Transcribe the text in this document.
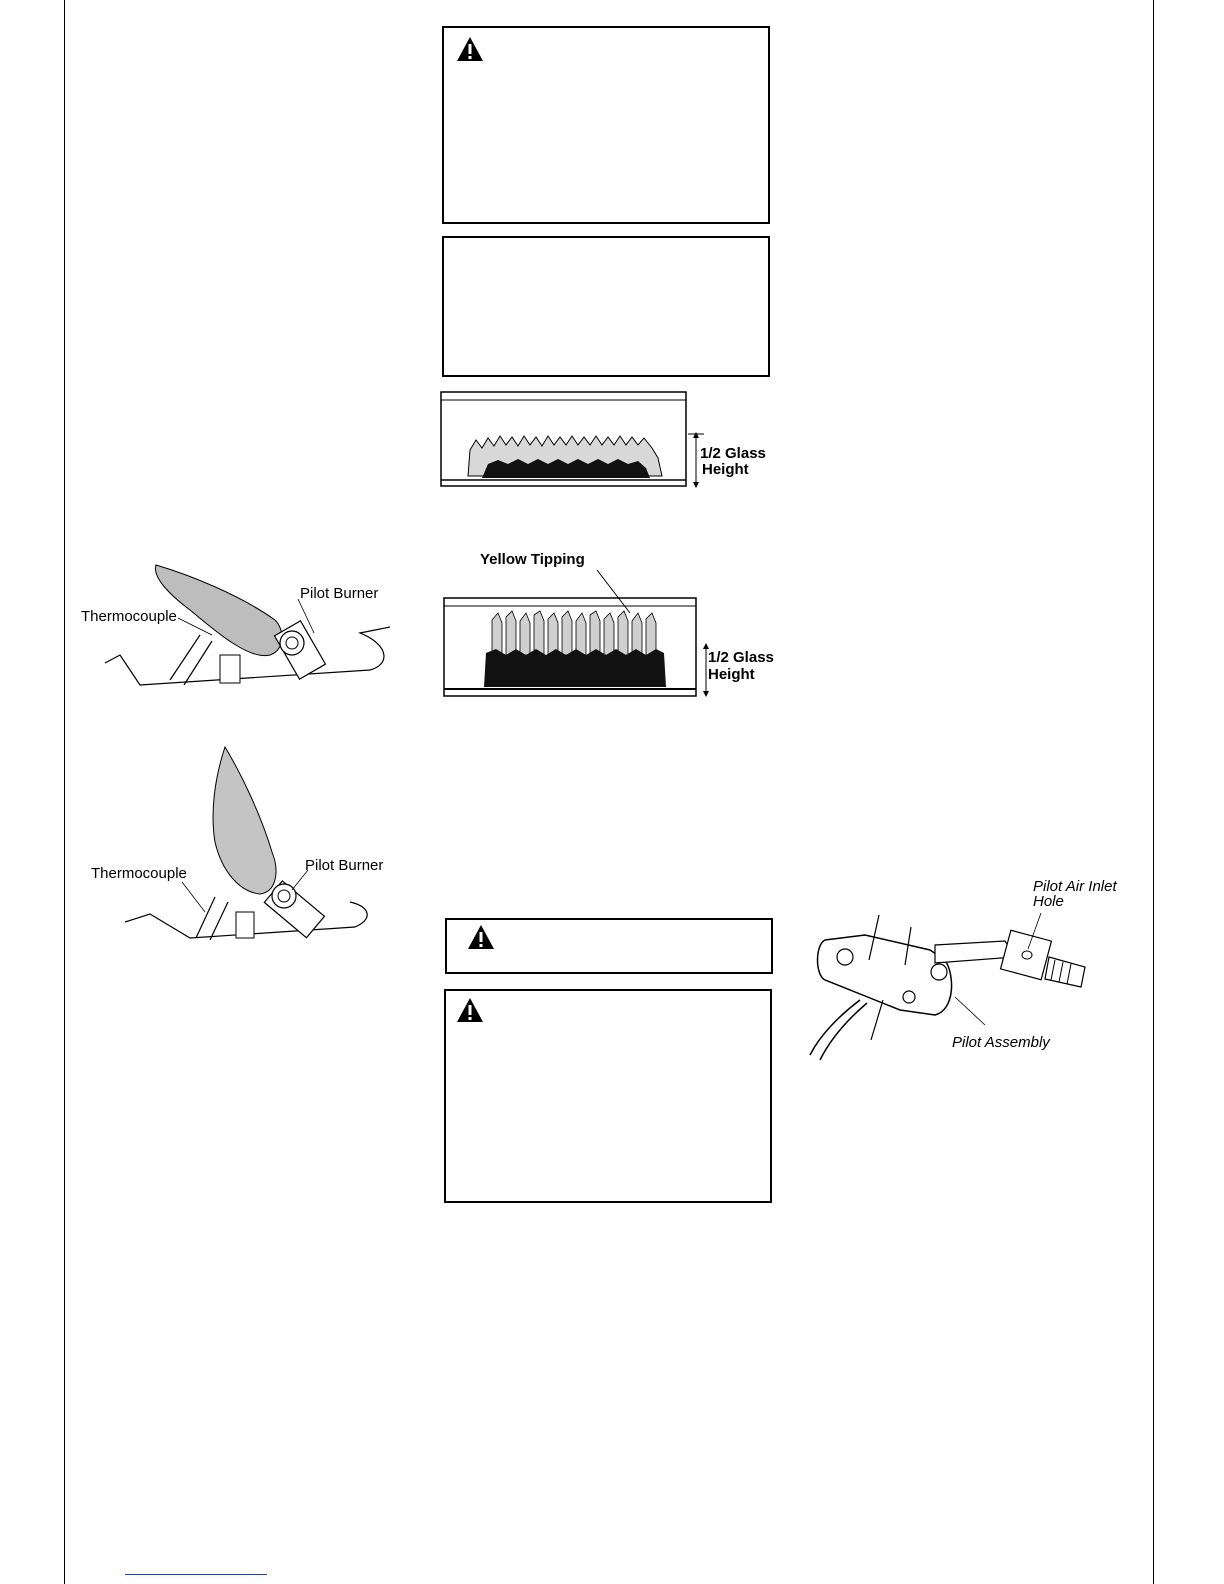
1/2 Glass
Height
Yellow Tipping
1/2 Glass
Height
Thermocouple
Pilot Burner
Thermocouple	Pilot Burner
Pilot Air Inlet
Hole
Pilot Assembly
